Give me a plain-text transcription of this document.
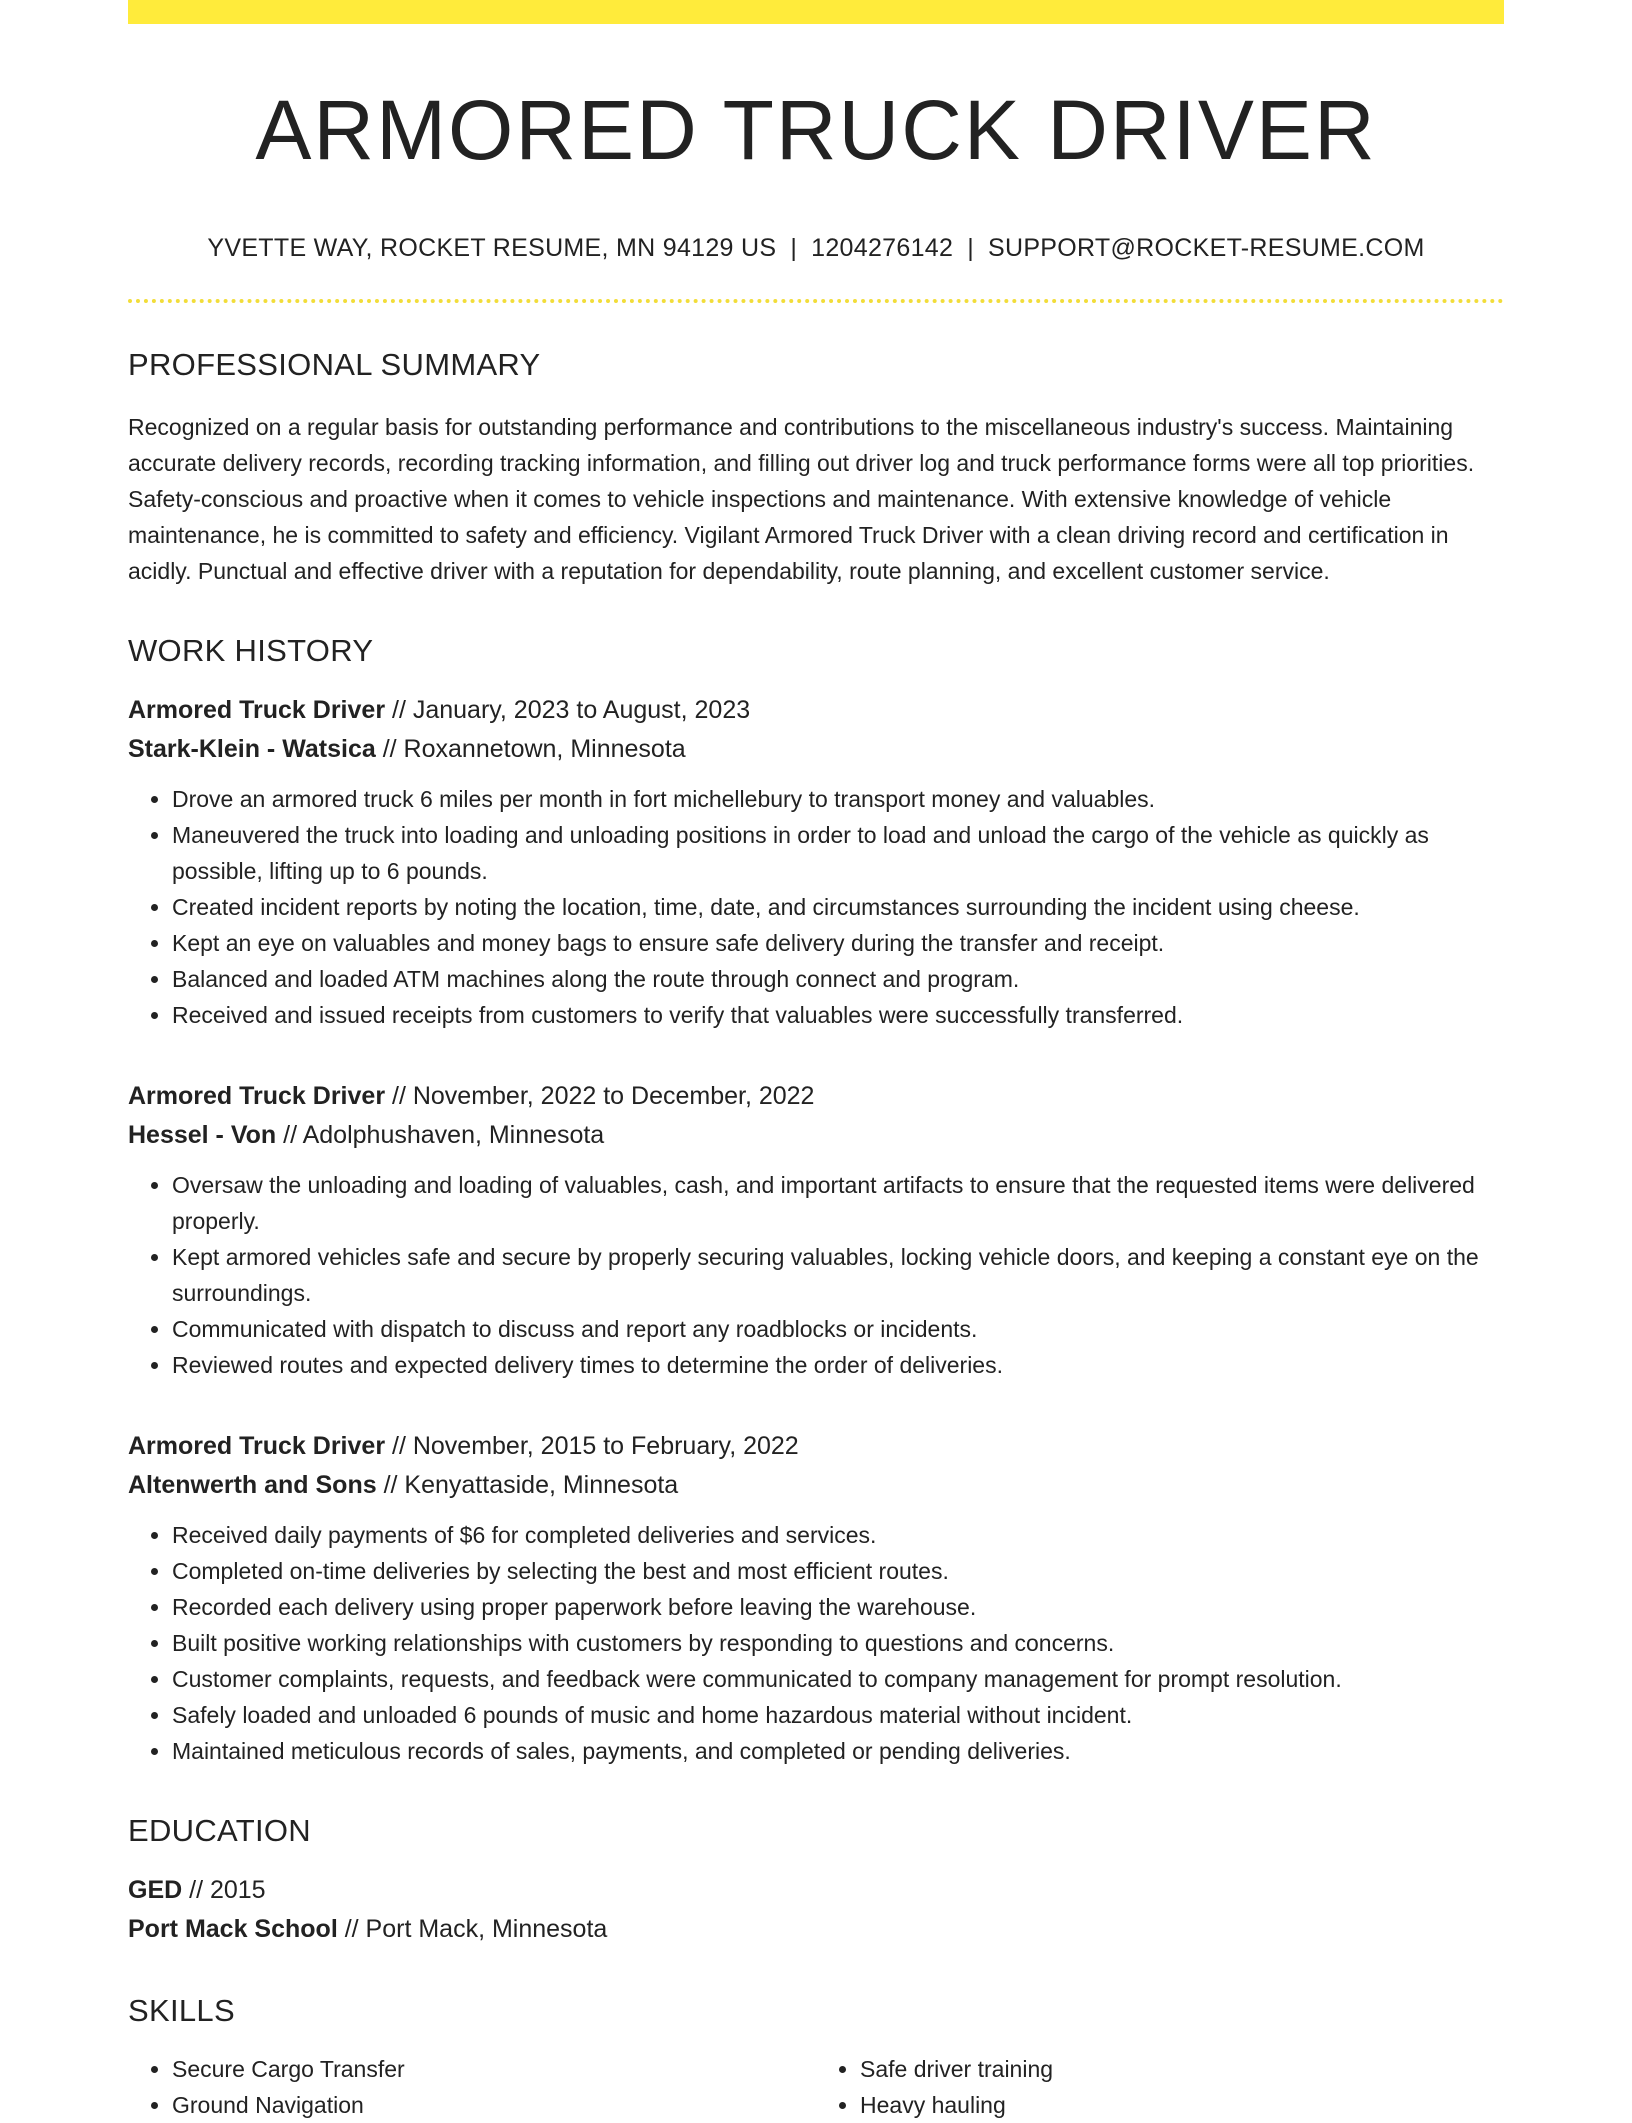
ARMORED TRUCK DRIVER
YVETTE WAY, ROCKET RESUME, MN 94129 US | 1204276142 | SUPPORT@ROCKET-RESUME.COM
PROFESSIONAL SUMMARY

Recognized on a regular basis for outstanding performance and contributions to the miscellaneous industry's success. Maintaining accurate delivery records, recording tracking information, and filling out driver log and truck performance forms were all top priorities. Safety-conscious and proactive when it comes to vehicle inspections and maintenance. With extensive knowledge of vehicle maintenance, he is committed to safety and efficiency. Vigilant Armored Truck Driver with a clean driving record and certification in acidly. Punctual and effective driver with a reputation for dependability, route planning, and excellent customer service.

WORK HISTORY
Armored Truck Driver // January, 2023 to August, 2023
Stark-Klein - Watsica // Roxannetown, Minnesota
• Drove an armored truck 6 miles per month in fort michellebury to transport money and valuables.
• Maneuvered the truck into loading and unloading positions in order to load and unload the cargo of the vehicle as quickly as possible, lifting up to 6 pounds.
• Created incident reports by noting the location, time, date, and circumstances surrounding the incident using cheese.
• Kept an eye on valuables and money bags to ensure safe delivery during the transfer and receipt.
• Balanced and loaded ATM machines along the route through connect and program.
• Received and issued receipts from customers to verify that valuables were successfully transferred.
Armored Truck Driver // November, 2022 to December, 2022
Hessel - Von // Adolphushaven, Minnesota
• Oversaw the unloading and loading of valuables, cash, and important artifacts to ensure that the requested items were delivered properly.
• Kept armored vehicles safe and secure by properly securing valuables, locking vehicle doors, and keeping a constant eye on the surroundings.
• Communicated with dispatch to discuss and report any roadblocks or incidents.
• Reviewed routes and expected delivery times to determine the order of deliveries.
Armored Truck Driver // November, 2015 to February, 2022
Altenwerth and Sons // Kenyattaside, Minnesota
• Received daily payments of $6 for completed deliveries and services.
• Completed on-time deliveries by selecting the best and most efficient routes.
• Recorded each delivery using proper paperwork before leaving the warehouse.
• Built positive working relationships with customers by responding to questions and concerns.
• Customer complaints, requests, and feedback were communicated to company management for prompt resolution.
• Safely loaded and unloaded 6 pounds of music and home hazardous material without incident.
• Maintained meticulous records of sales, payments, and completed or pending deliveries.
EDUCATION
GED // 2015
Port Mack School // Port Mack, Minnesota
SKILLS
• Secure Cargo Transfer
• Ground Navigation
• Safe driver training
• Heavy hauling
